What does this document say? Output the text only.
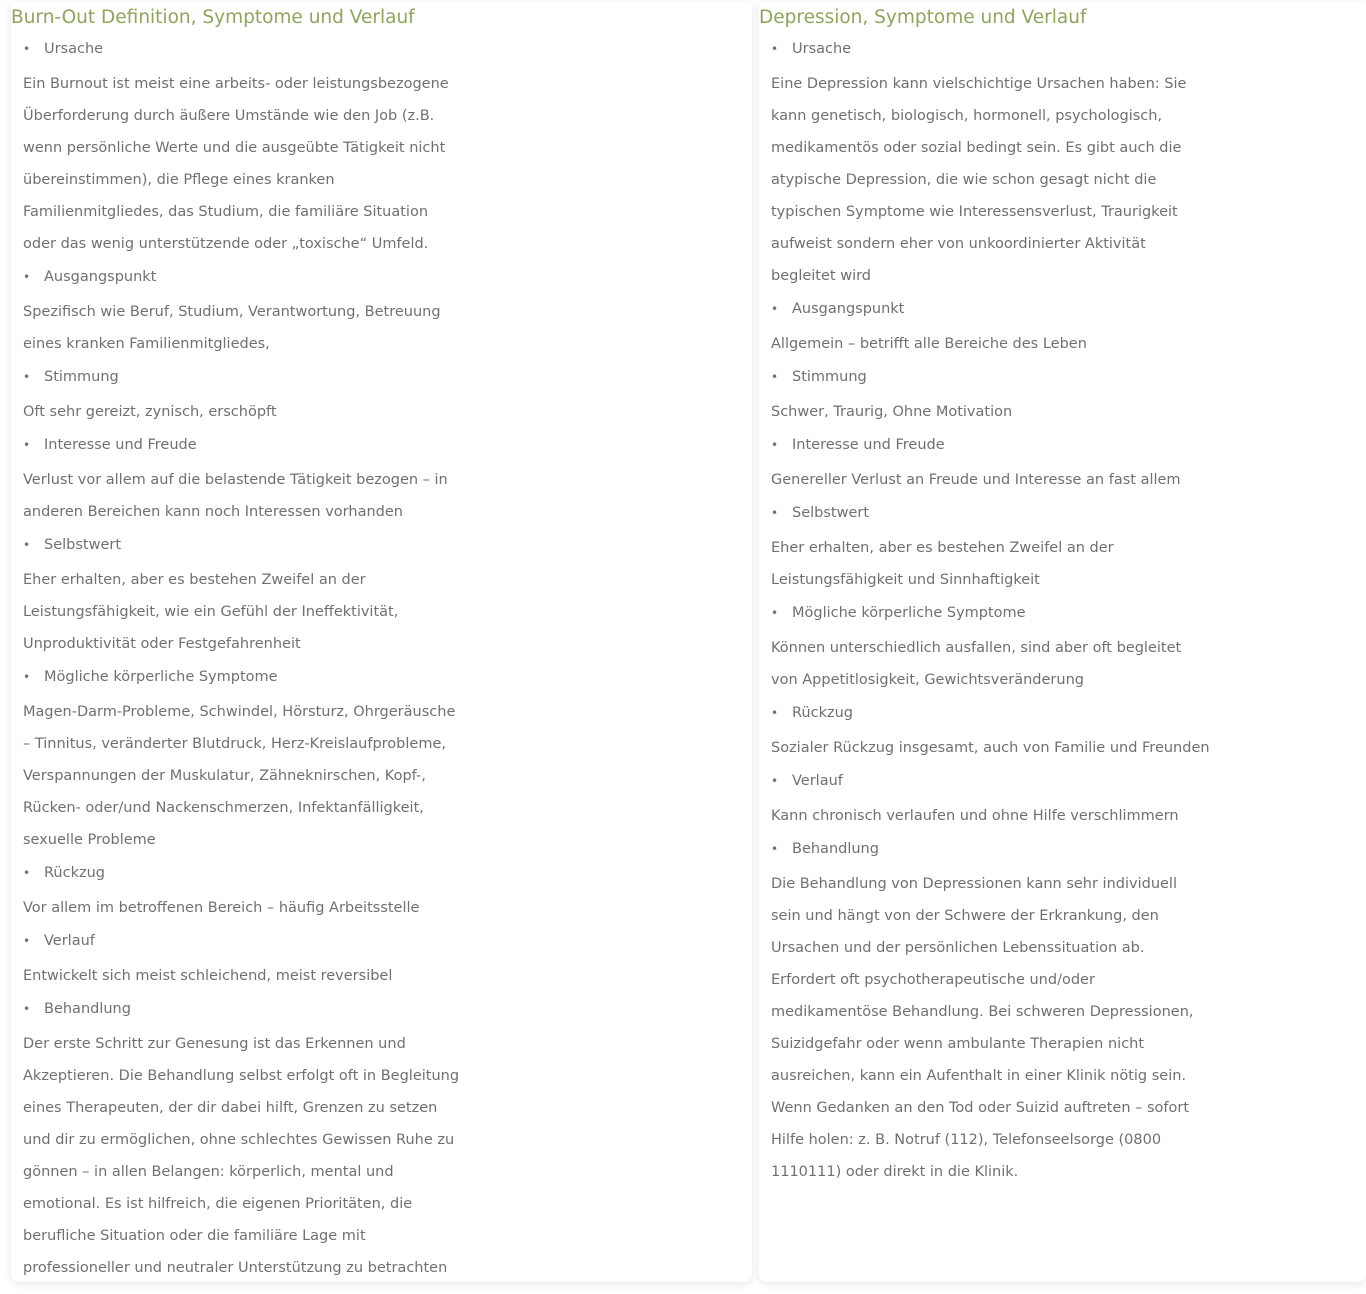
Burn-Out Definition, Symptome und Verlauf

• Ursache

Ein Burnout ist meist eine arbeits- oder leistungsbezogene Überforderung durch äußere Umstände wie den Job (z.B. wenn persönliche Werte und die ausgeübte Tätigkeit nicht übereinstimmen), die Pflege eines kranken Familienmitgliedes, das Studium, die familiäre Situation oder das wenig unterstützende oder „toxische“ Umfeld.

• Ausgangspunkt

Spezifisch wie Beruf, Studium, Verantwortung, Betreuung eines kranken Familienmitgliedes,

• Stimmung

Oft sehr gereizt, zynisch, erschöpft

• Interesse und Freude

Verlust vor allem auf die belastende Tätigkeit bezogen – in anderen Bereichen kann noch Interessen vorhanden

• Selbstwert

Eher erhalten, aber es bestehen Zweifel an der Leistungsfähigkeit, wie ein Gefühl der Ineffektivität, Unproduktivität oder Festgefahrenheit

• Mögliche körperliche Symptome

Magen-Darm-Probleme, Schwindel, Hörsturz, Ohrgeräusche – Tinnitus, veränderter Blutdruck, Herz-Kreislaufprobleme, Verspannungen der Muskulatur, Zähneknirschen, Kopf-, Rücken- oder/und Nackenschmerzen, Infektanfälligkeit, sexuelle Probleme

• Rückzug

Vor allem im betroffenen Bereich – häufig Arbeitsstelle

• Verlauf

Entwickelt sich meist schleichend, meist reversibel

• Behandlung

Der erste Schritt zur Genesung ist das Erkennen und Akzeptieren. Die Behandlung selbst erfolgt oft in Begleitung eines Therapeuten, der dir dabei hilft, Grenzen zu setzen und dir zu ermöglichen, ohne schlechtes Gewissen Ruhe zu gönnen – in allen Belangen: körperlich, mental und emotional. Es ist hilfreich, die eigenen Prioritäten, die berufliche Situation oder die familiäre Lage mit professioneller und neutraler Unterstützung zu betrachten

Depression, Symptome und Verlauf

• Ursache

Eine Depression kann vielschichtige Ursachen haben: Sie kann genetisch, biologisch, hormonell, psychologisch, medikamentös oder sozial bedingt sein. Es gibt auch die atypische Depression, die wie schon gesagt nicht die typischen Symptome wie Interessensverlust, Traurigkeit aufweist sondern eher von unkoordinierter Aktivität begleitet wird

• Ausgangspunkt

Allgemein – betrifft alle Bereiche des Leben

• Stimmung

Schwer, Traurig, Ohne Motivation

• Interesse und Freude

Genereller Verlust an Freude und Interesse an fast allem

• Selbstwert

Eher erhalten, aber es bestehen Zweifel an der Leistungsfähigkeit und Sinnhaftigkeit

• Mögliche körperliche Symptome

Können unterschiedlich ausfallen, sind aber oft begleitet von Appetitlosigkeit, Gewichtsveränderung

• Rückzug

Sozialer Rückzug insgesamt, auch von Familie und Freunden

• Verlauf

Kann chronisch verlaufen und ohne Hilfe verschlimmern

• Behandlung

Die Behandlung von Depressionen kann sehr individuell sein und hängt von der Schwere der Erkrankung, den Ursachen und der persönlichen Lebenssituation ab. Erfordert oft psychotherapeutische und/oder medikamentöse Behandlung. Bei schweren Depressionen, Suizidgefahr oder wenn ambulante Therapien nicht ausreichen, kann ein Aufenthalt in einer Klinik nötig sein. Wenn Gedanken an den Tod oder Suizid auftreten – sofort Hilfe holen: z. B. Notruf (112), Telefonseelsorge (0800 1110111) oder direkt in die Klinik.
